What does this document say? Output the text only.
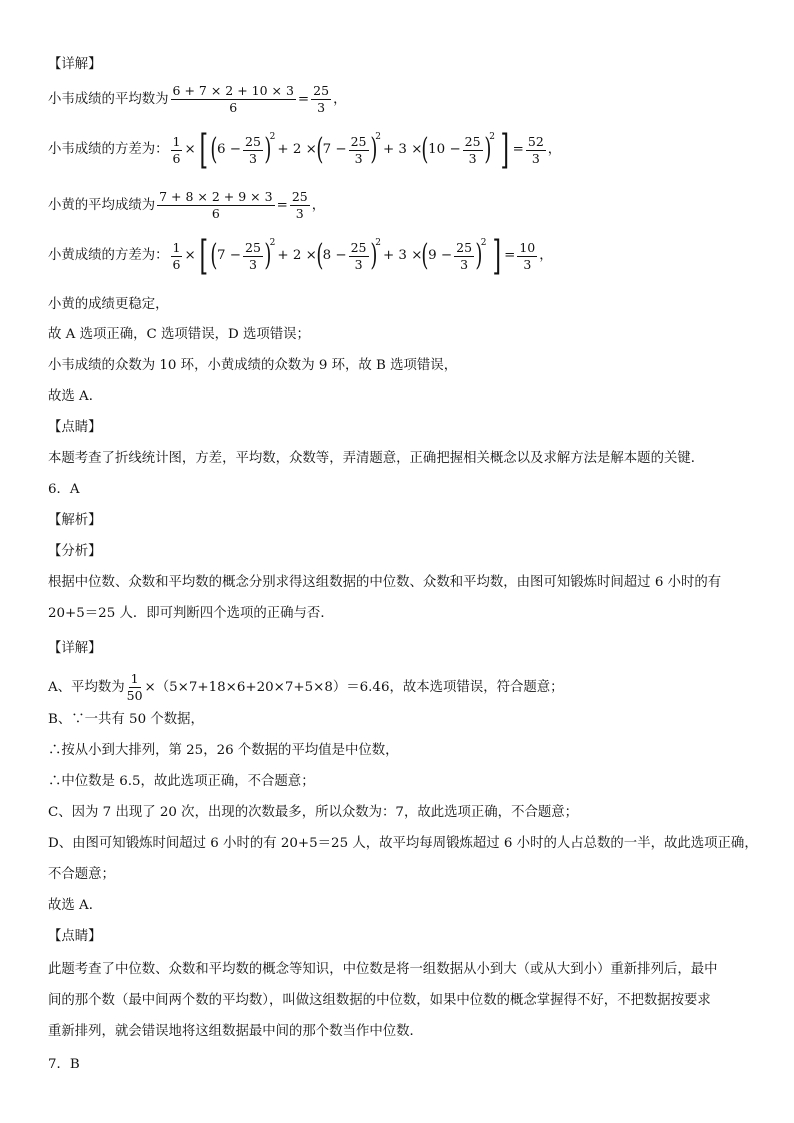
【详解】
小韦成绩的平均数为 $\frac{6 + 7 \times 2 + 10 \times 3}{6} = \frac{25}{3}$ ，
小韦成绩的方差为： $\frac{1}{6}$ × [ ( $6 - \frac{25}{3}$ )
2
+ 2 × ( $7 - \frac{25}{3}$ )
2
+ 3 × ( $10 - \frac{25}{3}$ )
2 ] = $\frac{52}{3}$ ，
小黄的平均成绩为 $\frac{7 + 8 \times 2 + 9 \times 3}{6} = \frac{25}{3}$ ，
小黄成绩的方差为： $\frac{1}{6}$ × [ ( $7 - \frac{25}{3}$ )
2
+ 2 × ( $8 - \frac{25}{3}$ )
2
+ 3 × ( $9 - \frac{25}{3}$ )
2 ] = $\frac{10}{3}$ ，
小黄的成绩更稳定，
故 A 选项正确，C 选项错误，D 选项错误；
小韦成绩的众数为 10 环，小黄成绩的众数为 9 环，故 B 选项错误，
故选 A．
【点睛】
本题考查了折线统计图，方差，平均数，众数等，弄清题意，正确把握相关概念以及求解方法是解本题的关键．
6．A
【解析】
【分析】
根据中位数、众数和平均数的概念分别求得这组数据的中位数、众数和平均数，由图可知锻炼时间超过 6 小时的有
20+5＝25 人．即可判断四个选项的正确与否．
【详解】
A、平均数为 $\frac{1}{50} \times(5\times 7+18\times 6+20\times 7+5\times 8)=6.46$，故本选项错误，符合题意；
B、∵一共有 50 个数据，
∴按从小到大排列，第 25，26 个数据的平均值是中位数，
∴中位数是 6.5，故此选项正确，不合题意；
C、因为 7 出现了 20 次，出现的次数最多，所以众数为：7，故此选项正确，不合题意；
D、由图可知锻炼时间超过 6 小时的有 20+5＝25 人，故平均每周锻炼超过 6 小时的人占总数的一半，故此选项正确，
不合题意；
故选 A．
【点睛】
此题考查了中位数、众数和平均数的概念等知识，中位数是将一组数据从小到大（或从大到小）重新排列后，最中
间的那个数（最中间两个数的平均数），叫做这组数据的中位数，如果中位数的概念掌握得不好，不把数据按要求
重新排列，就会错误地将这组数据最中间的那个数当作中位数．
7．B
